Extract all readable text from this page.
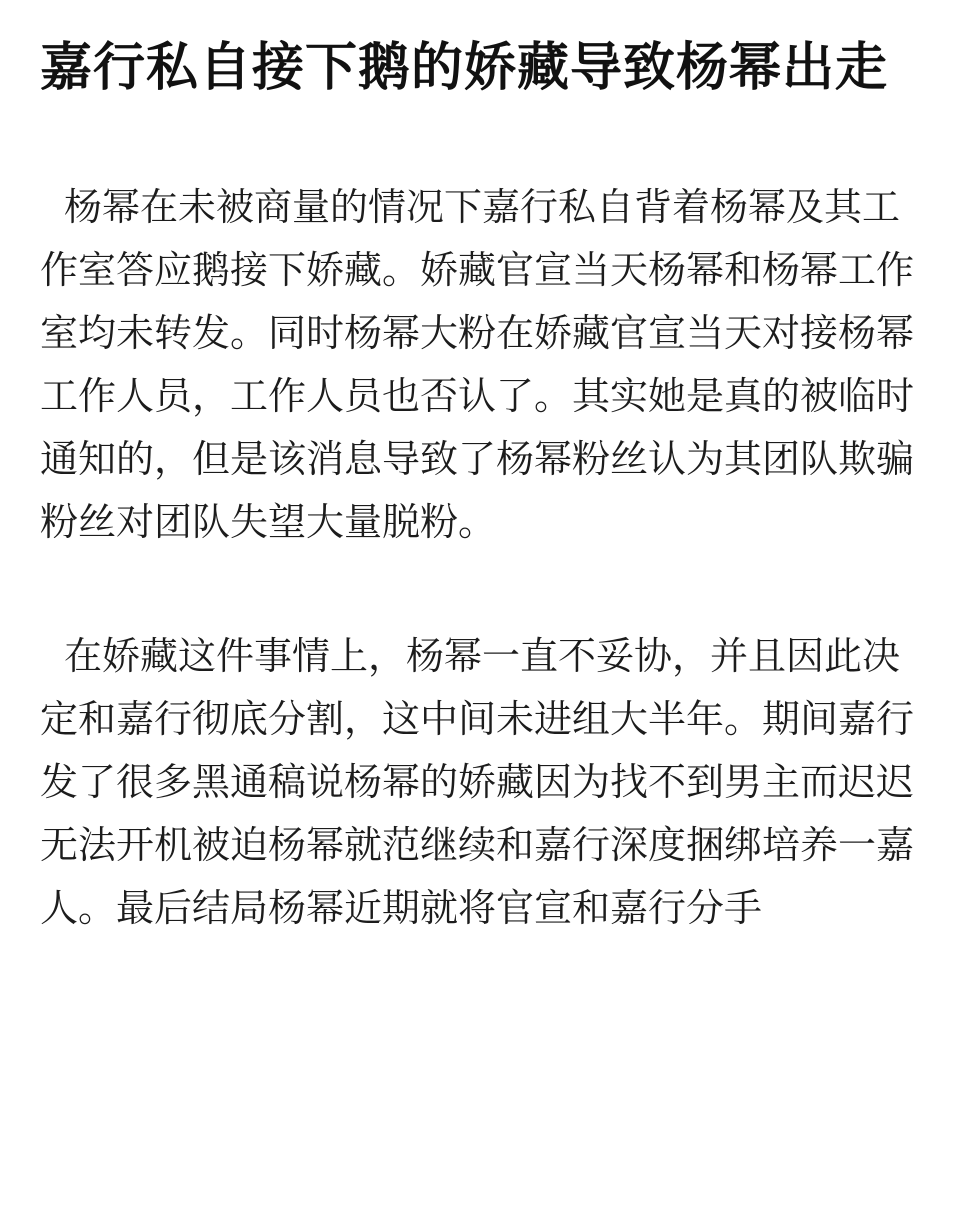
嘉行私自接下鹅的娇藏导致杨幂出走

杨幂在未被商量的情况下嘉行私自背着杨幂及其工作室答应鹅接下娇藏。娇藏官宣当天杨幂和杨幂工作室均未转发。同时杨幂大粉在娇藏官宣当天对接杨幂工作人员，工作人员也否认了。其实她是真的被临时通知的，但是该消息导致了杨幂粉丝认为其团队欺骗粉丝对团队失望大量脱粉。

在娇藏这件事情上，杨幂一直不妥协，并且因此决定和嘉行彻底分割，这中间未进组大半年。期间嘉行发了很多黑通稿说杨幂的娇藏因为找不到男主而迟迟无法开机被迫杨幂就范继续和嘉行深度捆绑培养一嘉人。最后结局杨幂近期就将官宣和嘉行分手
